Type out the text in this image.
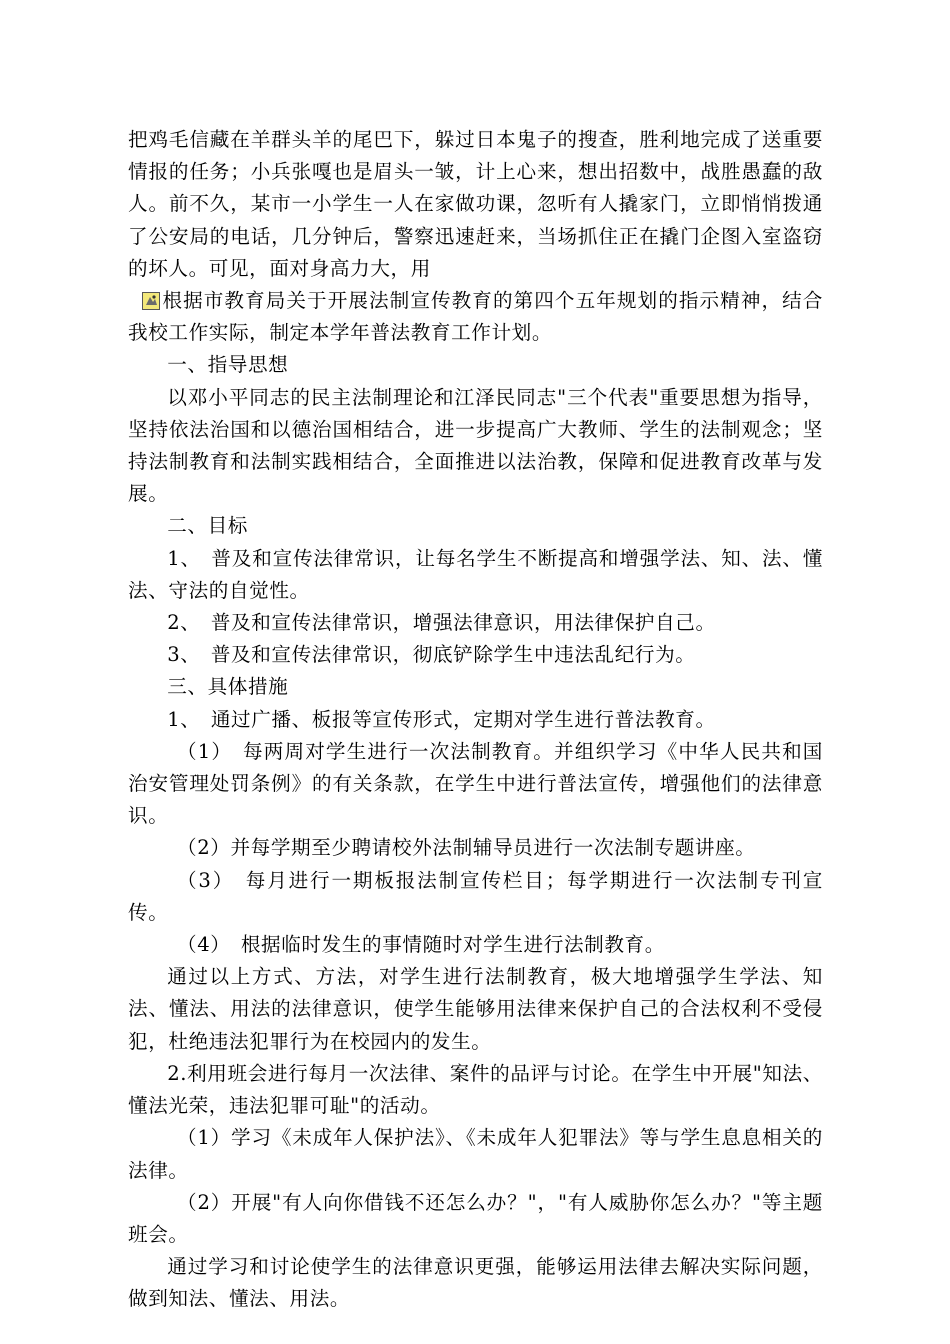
把鸡毛信藏在羊群头羊的尾巴下，躲过日本鬼子的搜查，胜利地完成了送重要情报的任务；小兵张嘎也是眉头一皱，计上心来，想出招数中，战胜愚蠢的敌人。前不久，某市一小学生一人在家做功课，忽听有人撬家门，立即悄悄拨通了公安局的电话，几分钟后，警察迅速赶来，当场抓住正在撬门企图入室盗窃的坏人。可见，面对身高力大，用

根据市教育局关于开展法制宣传教育的第四个五年规划的指示精神，结合我校工作实际，制定本学年普法教育工作计划。

一、指导思想

以邓小平同志的民主法制理论和江泽民同志"三个代表"重要思想为指导，坚持依法治国和以德治国相结合，进一步提高广大教师、学生的法制观念；坚持法制教育和法制实践相结合，全面推进以法治教，保障和促进教育改革与发展。

二、目标

1、　普及和宣传法律常识，让每名学生不断提高和增强学法、知、法、懂法、守法的自觉性。

2、　普及和宣传法律常识，增强法律意识，用法律保护自己。

3、　普及和宣传法律常识，彻底铲除学生中违法乱纪行为。

三、具体措施

1、　通过广播、板报等宣传形式，定期对学生进行普法教育。

（1）　每两周对学生进行一次法制教育。并组织学习《中华人民共和国治安管理处罚条例》的有关条款，在学生中进行普法宣传，增强他们的法律意识。

（2）并每学期至少聘请校外法制辅导员进行一次法制专题讲座。

（3）　每月进行一期板报法制宣传栏目；每学期进行一次法制专刊宣传。

（4）　根据临时发生的事情随时对学生进行法制教育。

通过以上方式、方法，对学生进行法制教育，极大地增强学生学法、知法、懂法、用法的法律意识，使学生能够用法律来保护自己的合法权利不受侵犯，杜绝违法犯罪行为在校园内的发生。

2.利用班会进行每月一次法律、案件的品评与讨论。在学生中开展"知法、懂法光荣，违法犯罪可耻"的活动。

（1）学习《未成年人保护法》、《未成年人犯罪法》等与学生息息相关的法律。

（2）开展"有人向你借钱不还怎么办？"，"有人威胁你怎么办？"等主题班会。

通过学习和讨论使学生的法律意识更强，能够运用法律去解决实际问题，做到知法、懂法、用法。
